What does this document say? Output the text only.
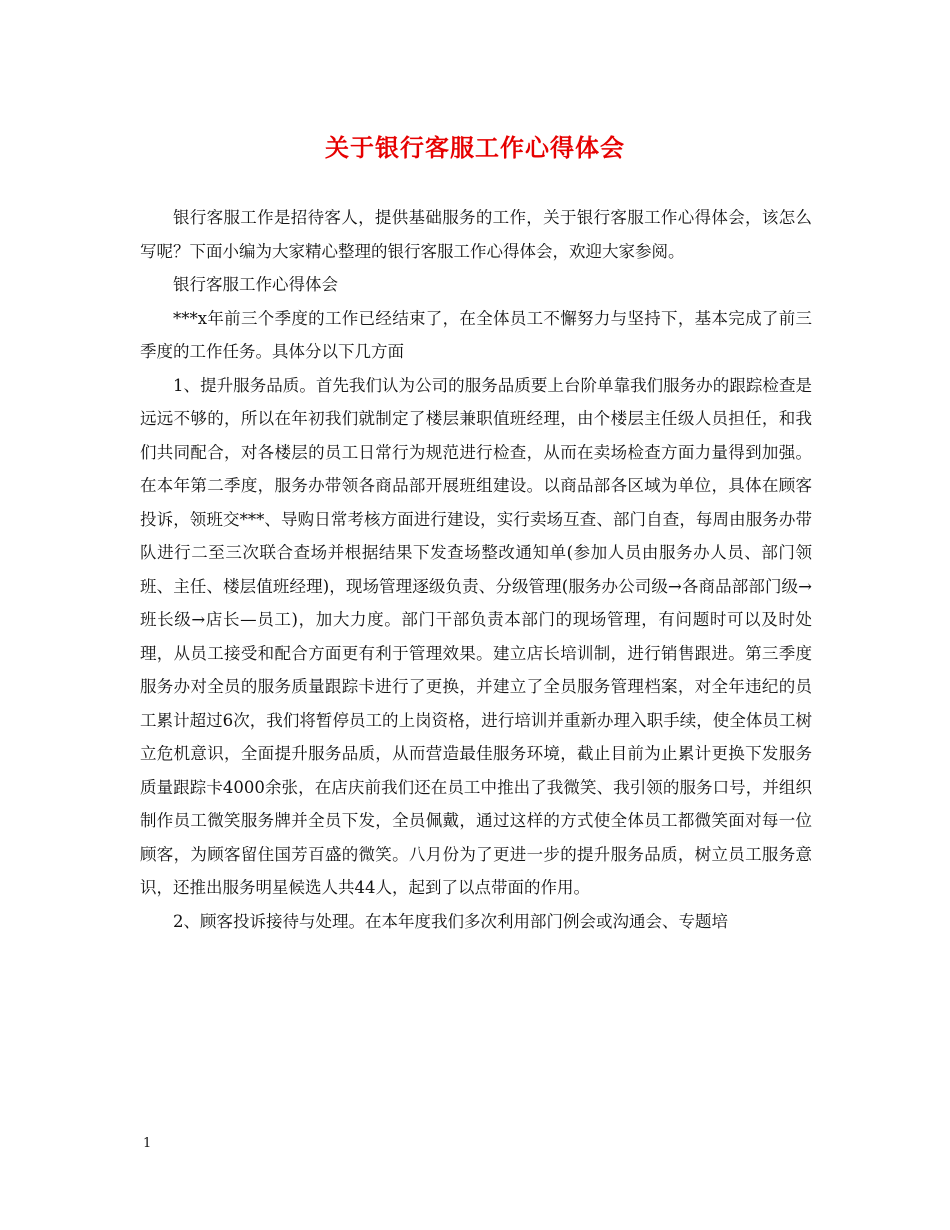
关于银行客服工作心得体会

银行客服工作是招待客人，提供基础服务的工作，关于银行客服工作心得体会，该怎么写呢？下面小编为大家精心整理的银行客服工作心得体会，欢迎大家参阅。

银行客服工作心得体会

***x年前三个季度的工作已经结束了，在全体员工不懈努力与坚持下，基本完成了前三季度的工作任务。具体分以下几方面

1、提升服务品质。首先我们认为公司的服务品质要上台阶单靠我们服务办的跟踪检查是远远不够的，所以在年初我们就制定了楼层兼职值班经理，由个楼层主任级人员担任，和我们共同配合，对各楼层的员工日常行为规范进行检查，从而在卖场检查方面力量得到加强。在本年第二季度，服务办带领各商品部开展班组建设。以商品部各区域为单位，具体在顾客投诉，领班交***、导购日常考核方面进行建设，实行卖场互查、部门自查，每周由服务办带队进行二至三次联合查场并根据结果下发查场整改通知单(参加人员由服务办人员、部门领班、主任、楼层值班经理)，现场管理逐级负责、分级管理(服务办公司级→各商品部部门级→班长级→店长—员工)，加大力度。部门干部负责本部门的现场管理，有问题时可以及时处理，从员工接受和配合方面更有利于管理效果。建立店长培训制，进行销售跟进。第三季度服务办对全员的服务质量跟踪卡进行了更换，并建立了全员服务管理档案，对全年违纪的员工累计超过6次，我们将暂停员工的上岗资格，进行培训并重新办理入职手续，使全体员工树立危机意识，全面提升服务品质，从而营造最佳服务环境，截止目前为止累计更换下发服务质量跟踪卡4000余张，在店庆前我们还在员工中推出了我微笑、我引领的服务口号，并组织制作员工微笑服务牌并全员下发，全员佩戴，通过这样的方式使全体员工都微笑面对每一位顾客，为顾客留住国芳百盛的微笑。八月份为了更进一步的提升服务品质，树立员工服务意识，还推出服务明星候选人共44人，起到了以点带面的作用。

2、顾客投诉接待与处理。在本年度我们多次利用部门例会或沟通会、专题培

1
